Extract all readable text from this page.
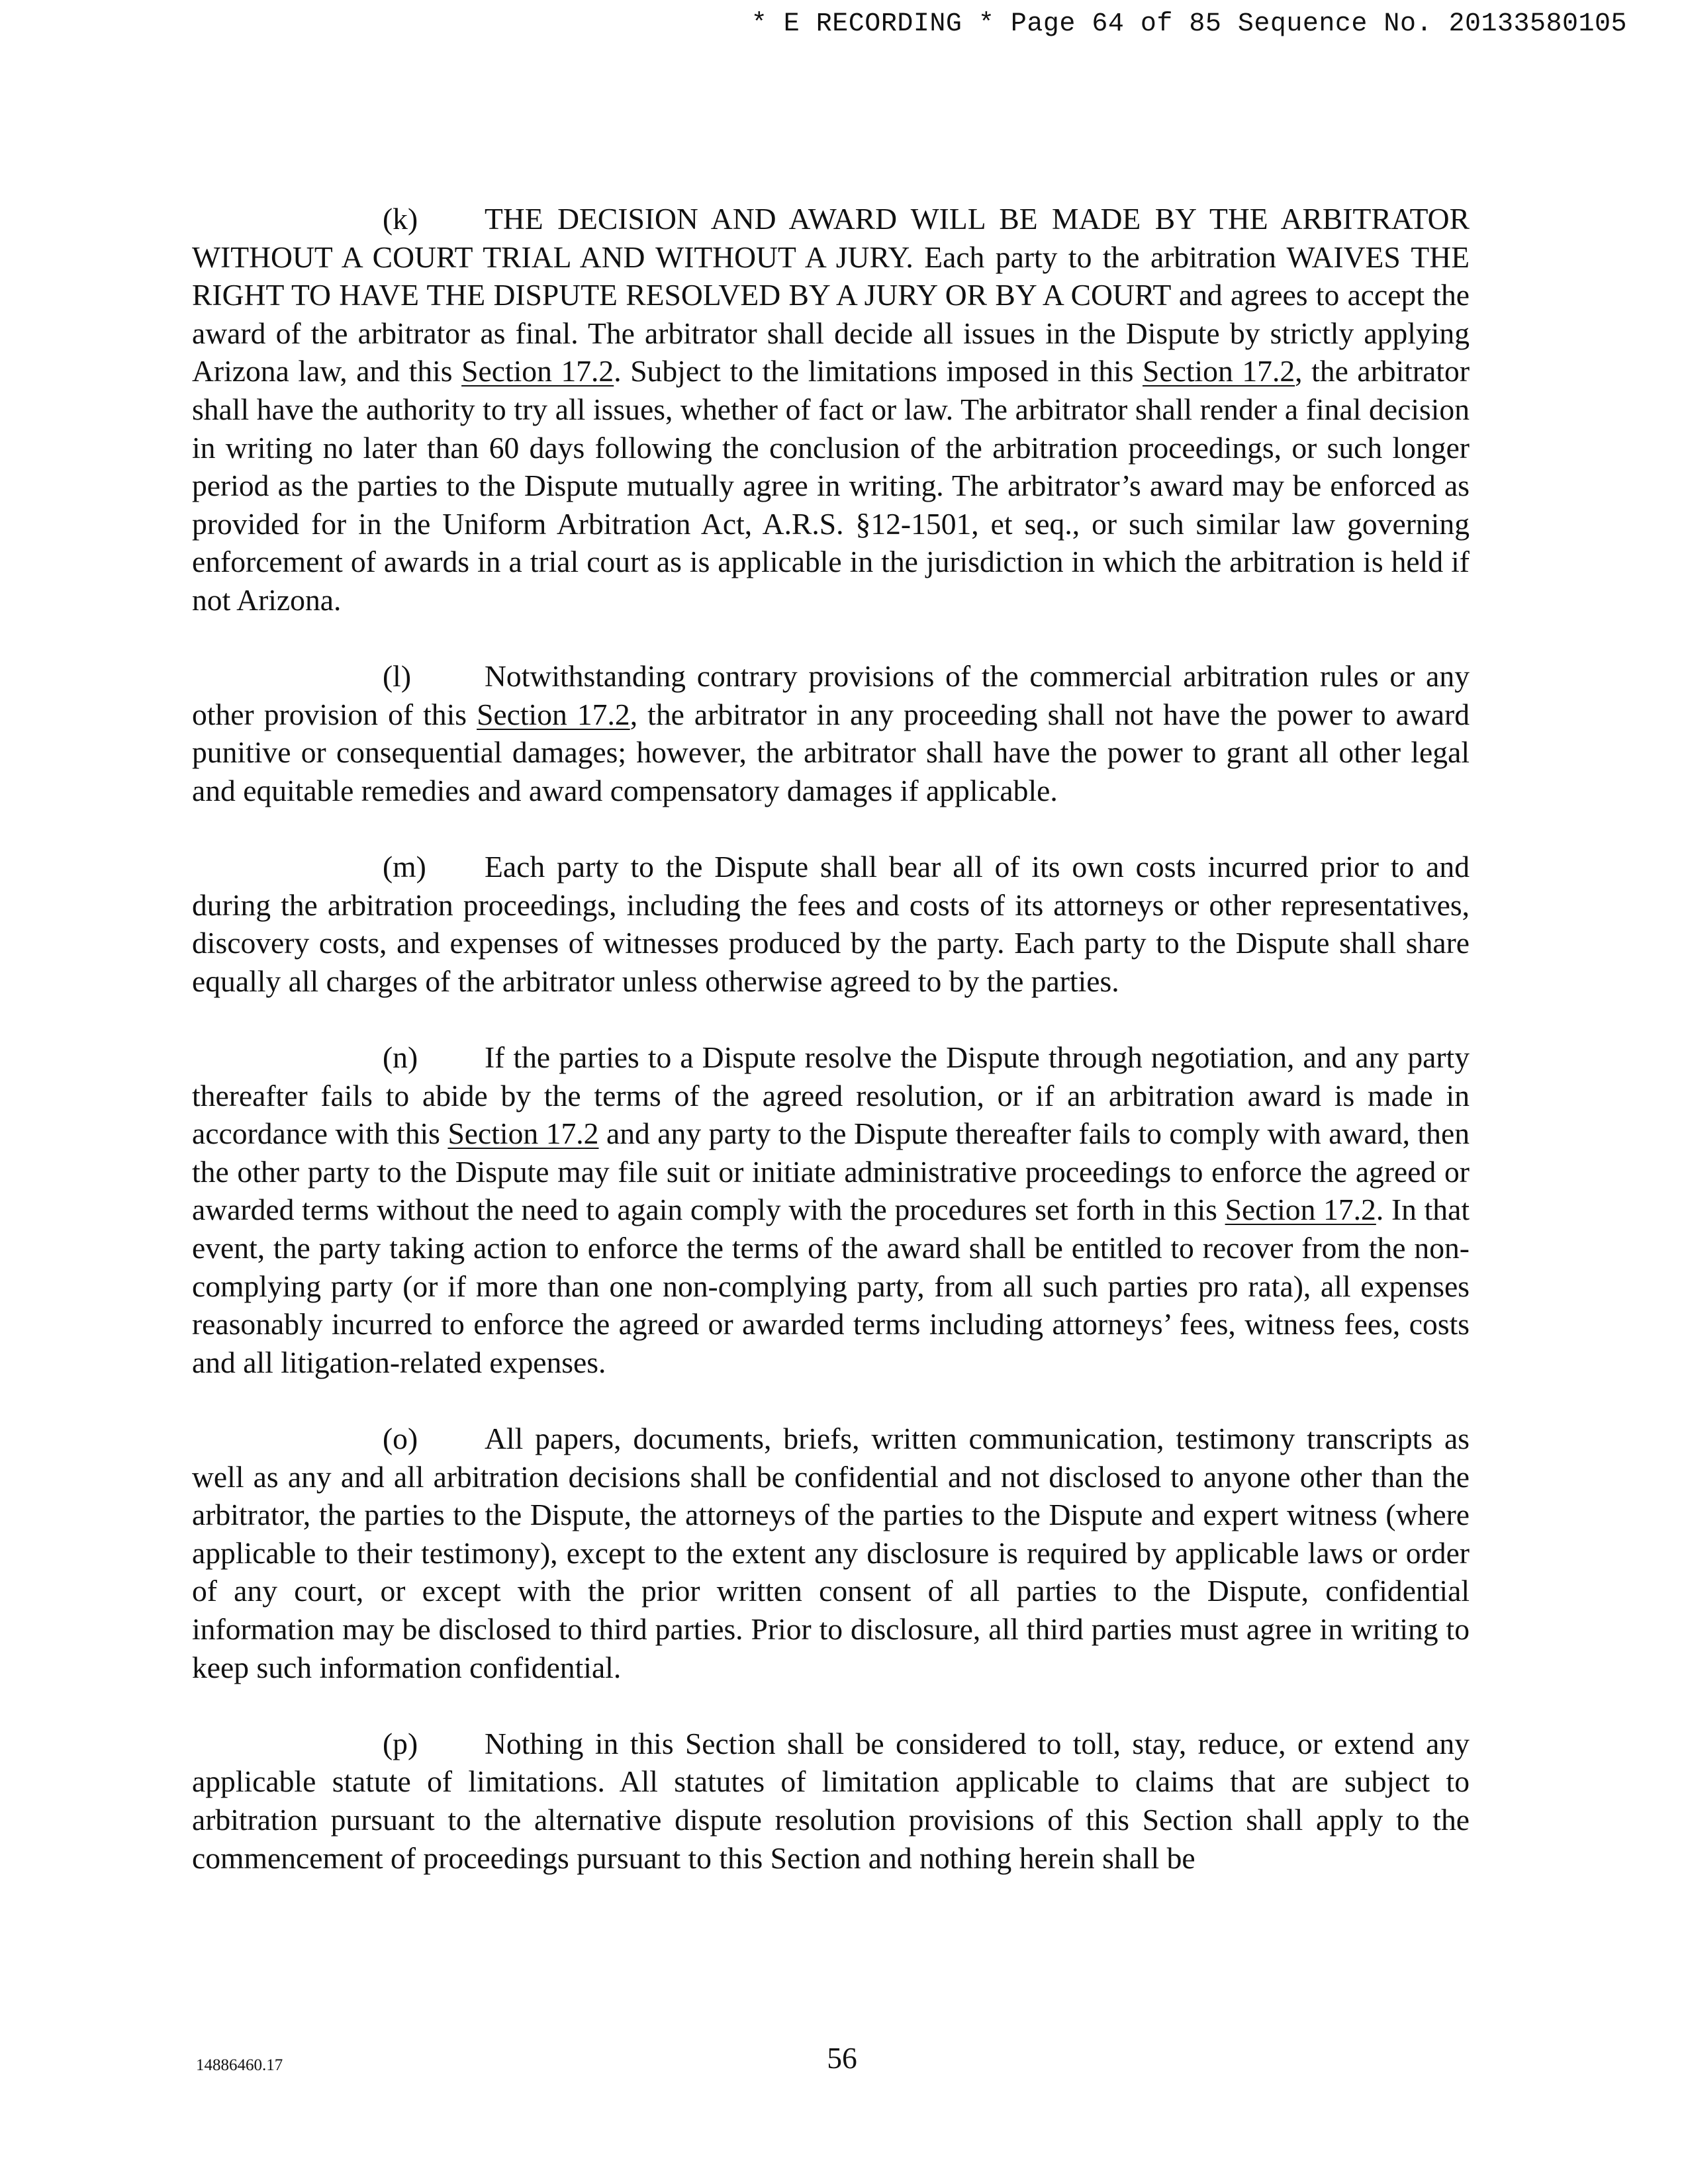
* E RECORDING * Page 64 of 85 Sequence No. 20133580105

(k) THE DECISION AND AWARD WILL BE MADE BY THE ARBITRATOR WITHOUT A COURT TRIAL AND WITHOUT A JURY. Each party to the arbitration WAIVES THE RIGHT TO HAVE THE DISPUTE RESOLVED BY A JURY OR BY A COURT and agrees to accept the award of the arbitrator as final. The arbitrator shall decide all issues in the Dispute by strictly applying Arizona law, and this Section 17.2. Subject to the limitations imposed in this Section 17.2, the arbitrator shall have the authority to try all issues, whether of fact or law. The arbitrator shall render a final decision in writing no later than 60 days following the conclusion of the arbitration proceedings, or such longer period as the parties to the Dispute mutually agree in writing. The arbitrator’s award may be enforced as provided for in the Uniform Arbitration Act, A.R.S. §12-1501, et seq., or such similar law governing enforcement of awards in a trial court as is applicable in the jurisdiction in which the arbitration is held if not Arizona.

(l) Notwithstanding contrary provisions of the commercial arbitration rules or any other provision of this Section 17.2, the arbitrator in any proceeding shall not have the power to award punitive or consequential damages; however, the arbitrator shall have the power to grant all other legal and equitable remedies and award compensatory damages if applicable.

(m) Each party to the Dispute shall bear all of its own costs incurred prior to and during the arbitration proceedings, including the fees and costs of its attorneys or other representatives, discovery costs, and expenses of witnesses produced by the party. Each party to the Dispute shall share equally all charges of the arbitrator unless otherwise agreed to by the parties.

(n) If the parties to a Dispute resolve the Dispute through negotiation, and any party thereafter fails to abide by the terms of the agreed resolution, or if an arbitration award is made in accordance with this Section 17.2 and any party to the Dispute thereafter fails to comply with award, then the other party to the Dispute may file suit or initiate administrative proceedings to enforce the agreed or awarded terms without the need to again comply with the procedures set forth in this Section 17.2. In that event, the party taking action to enforce the terms of the award shall be entitled to recover from the non-complying party (or if more than one non-complying party, from all such parties pro rata), all expenses reasonably incurred to enforce the agreed or awarded terms including attorneys’ fees, witness fees, costs and all litigation-related expenses.

(o) All papers, documents, briefs, written communication, testimony transcripts as well as any and all arbitration decisions shall be confidential and not disclosed to anyone other than the arbitrator, the parties to the Dispute, the attorneys of the parties to the Dispute and expert witness (where applicable to their testimony), except to the extent any disclosure is required by applicable laws or order of any court, or except with the prior written consent of all parties to the Dispute, confidential information may be disclosed to third parties. Prior to disclosure, all third parties must agree in writing to keep such information confidential.

(p) Nothing in this Section shall be considered to toll, stay, reduce, or extend any applicable statute of limitations. All statutes of limitation applicable to claims that are subject to arbitration pursuant to the alternative dispute resolution provisions of this Section shall apply to the commencement of proceedings pursuant to this Section and nothing herein shall be

14886460.17	56
